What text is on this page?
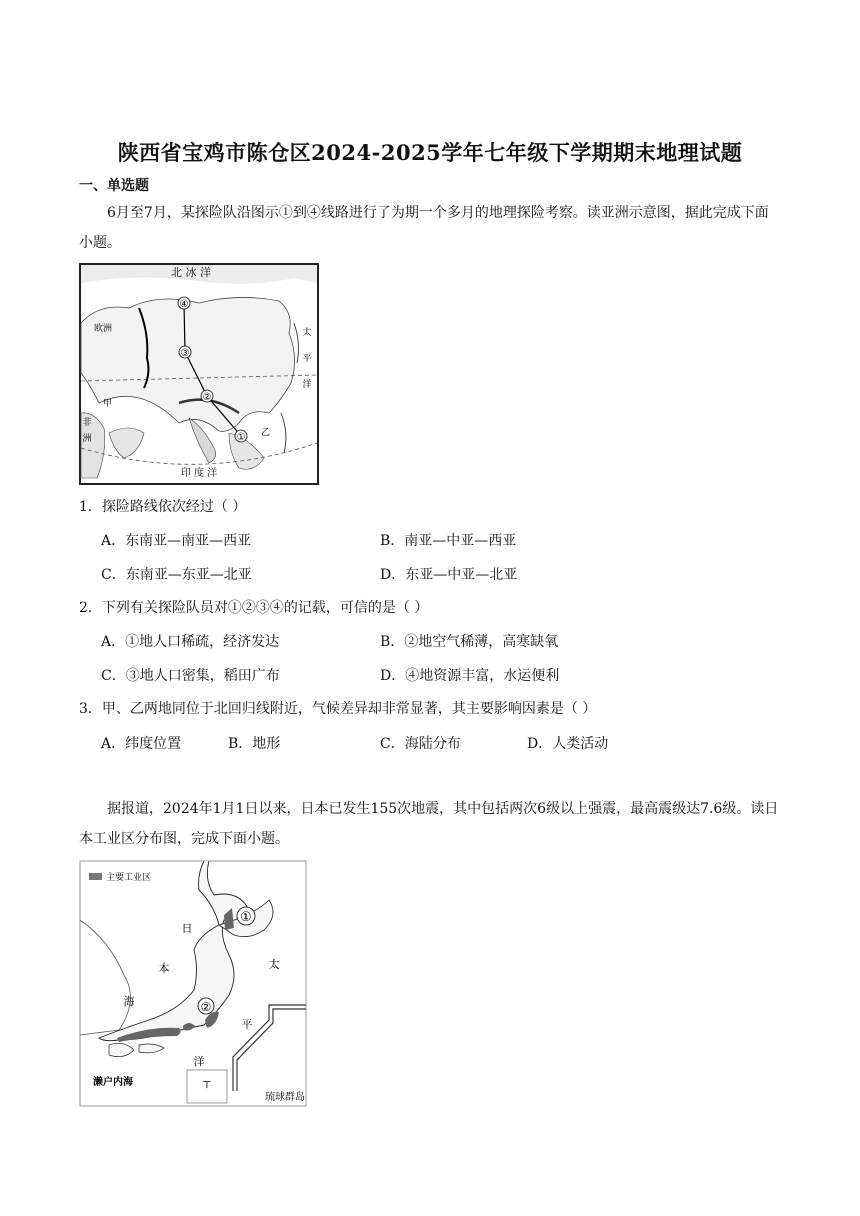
陕西省宝鸡市陈仓区2024-2025学年七年级下学期期末地理试题
一、单选题
6月至7月，某探险队沿图示①到④线路进行了为期一个多月的地理探险考察。读亚洲示意图，据此完成下面小题。
①
②
③
④
北 冰 洋
欧洲	太
平
洋
非
洲
甲
乙
印 度 洋
1．探险路线依次经过（ ）
A．东南亚—南亚—西亚	B．南亚—中亚—西亚
C．东南亚—东亚—北亚	D．东亚—中亚—北亚
2．下列有关探险队员对①②③④的记载，可信的是（ ）
A．①地人口稀疏，经济发达	B．②地空气稀薄，高寒缺氧
C．③地人口密集，稻田广布	D．④地资源丰富，水运便利
3．甲、乙两地同位于北回归线附近，气候差异却非常显著，其主要影响因素是（ ）
A．纬度位置	B．地形	C．海陆分布	D．人类活动
据报道，2024年1月1日以来，日本已发生155次地震，其中包括两次6级以上强震，最高震级达7.6级。读日本工业区分布图，完成下面小题。
主要工业区
①
②
日
本
海
太
平
洋
濑户内海	⊤
琉球群岛
